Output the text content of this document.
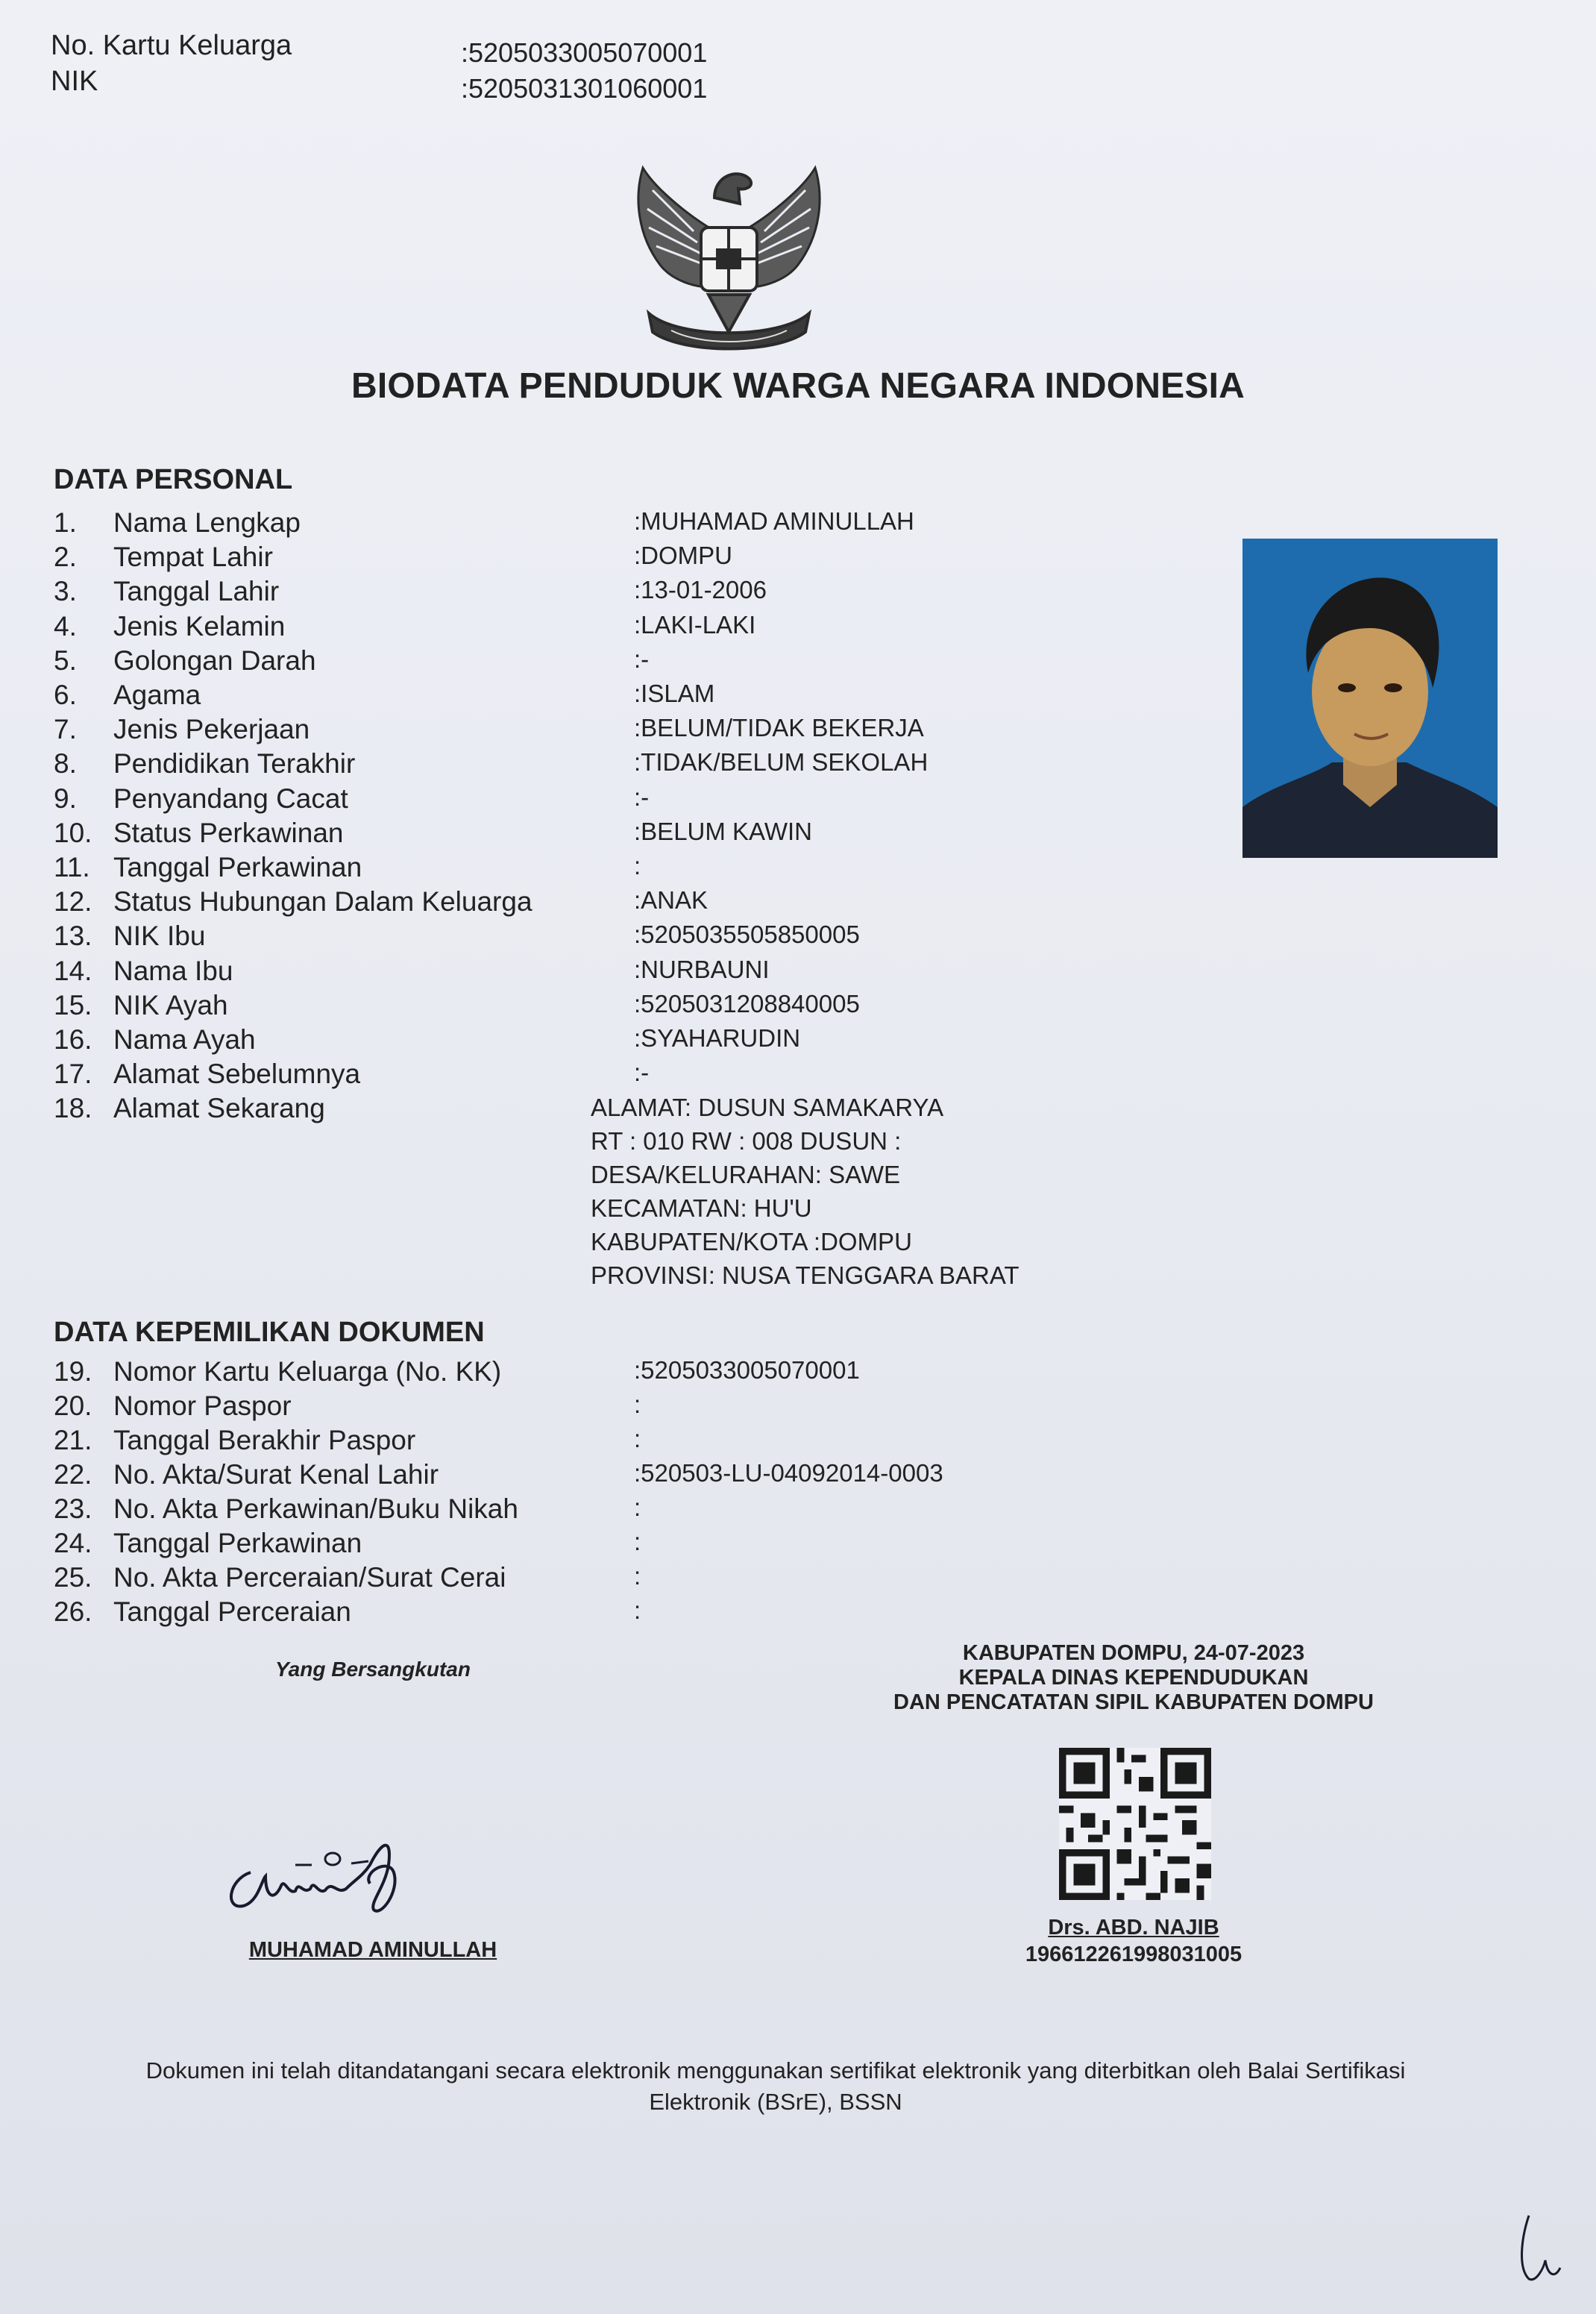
No. Kartu Keluarga	:5205033005070001
NIK	:5205031301060001
BIODATA PENDUDUK WARGA NEGARA INDONESIA
DATA PERSONAL
1. Nama Lengkap	:MUHAMAD AMINULLAH
2. Tempat Lahir	:DOMPU
3. Tanggal Lahir	:13-01-2006
4. Jenis Kelamin	:LAKI-LAKI
5. Golongan Darah	:-
6. Agama	:ISLAM
7. Jenis Pekerjaan	:BELUM/TIDAK BEKERJA
8. Pendidikan Terakhir	:TIDAK/BELUM SEKOLAH
9. Penyandang Cacat	:-
10. Status Perkawinan	:BELUM KAWIN
11. Tanggal Perkawinan	:
12. Status Hubungan Dalam Keluarga	:ANAK
13. NIK Ibu	:5205035505850005
14. Nama Ibu	:NURBAUNI
15. NIK Ayah	:5205031208840005
16. Nama Ayah	:SYAHARUDIN
17. Alamat Sebelumnya	:-
18. Alamat Sekarang	ALAMAT: DUSUN SAMAKARYA
RT : 010 RW : 008 DUSUN :
DESA/KELURAHAN: SAWE
KECAMATAN: HU'U
KABUPATEN/KOTA :DOMPU
PROVINSI: NUSA TENGGARA BARAT
DATA KEPEMILIKAN DOKUMEN
19. Nomor Kartu Keluarga (No. KK)	:5205033005070001
20. Nomor Paspor	:
21. Tanggal Berakhir Paspor	:
22. No. Akta/Surat Kenal Lahir	:520503-LU-04092014-0003
23. No. Akta Perkawinan/Buku Nikah	:
24. Tanggal Perkawinan	:
25. No. Akta Perceraian/Surat Cerai	:
26. Tanggal Perceraian	:
Yang Bersangkutan
MUHAMAD AMINULLAH
KABUPATEN DOMPU, 24-07-2023
KEPALA DINAS KEPENDUDUKAN
DAN PENCATATAN SIPIL KABUPATEN DOMPU
Drs. ABD. NAJIB
196612261998031005
Dokumen ini telah ditandatangani secara elektronik menggunakan sertifikat elektronik yang diterbitkan oleh Balai Sertifikasi
Elektronik (BSrE), BSSN
